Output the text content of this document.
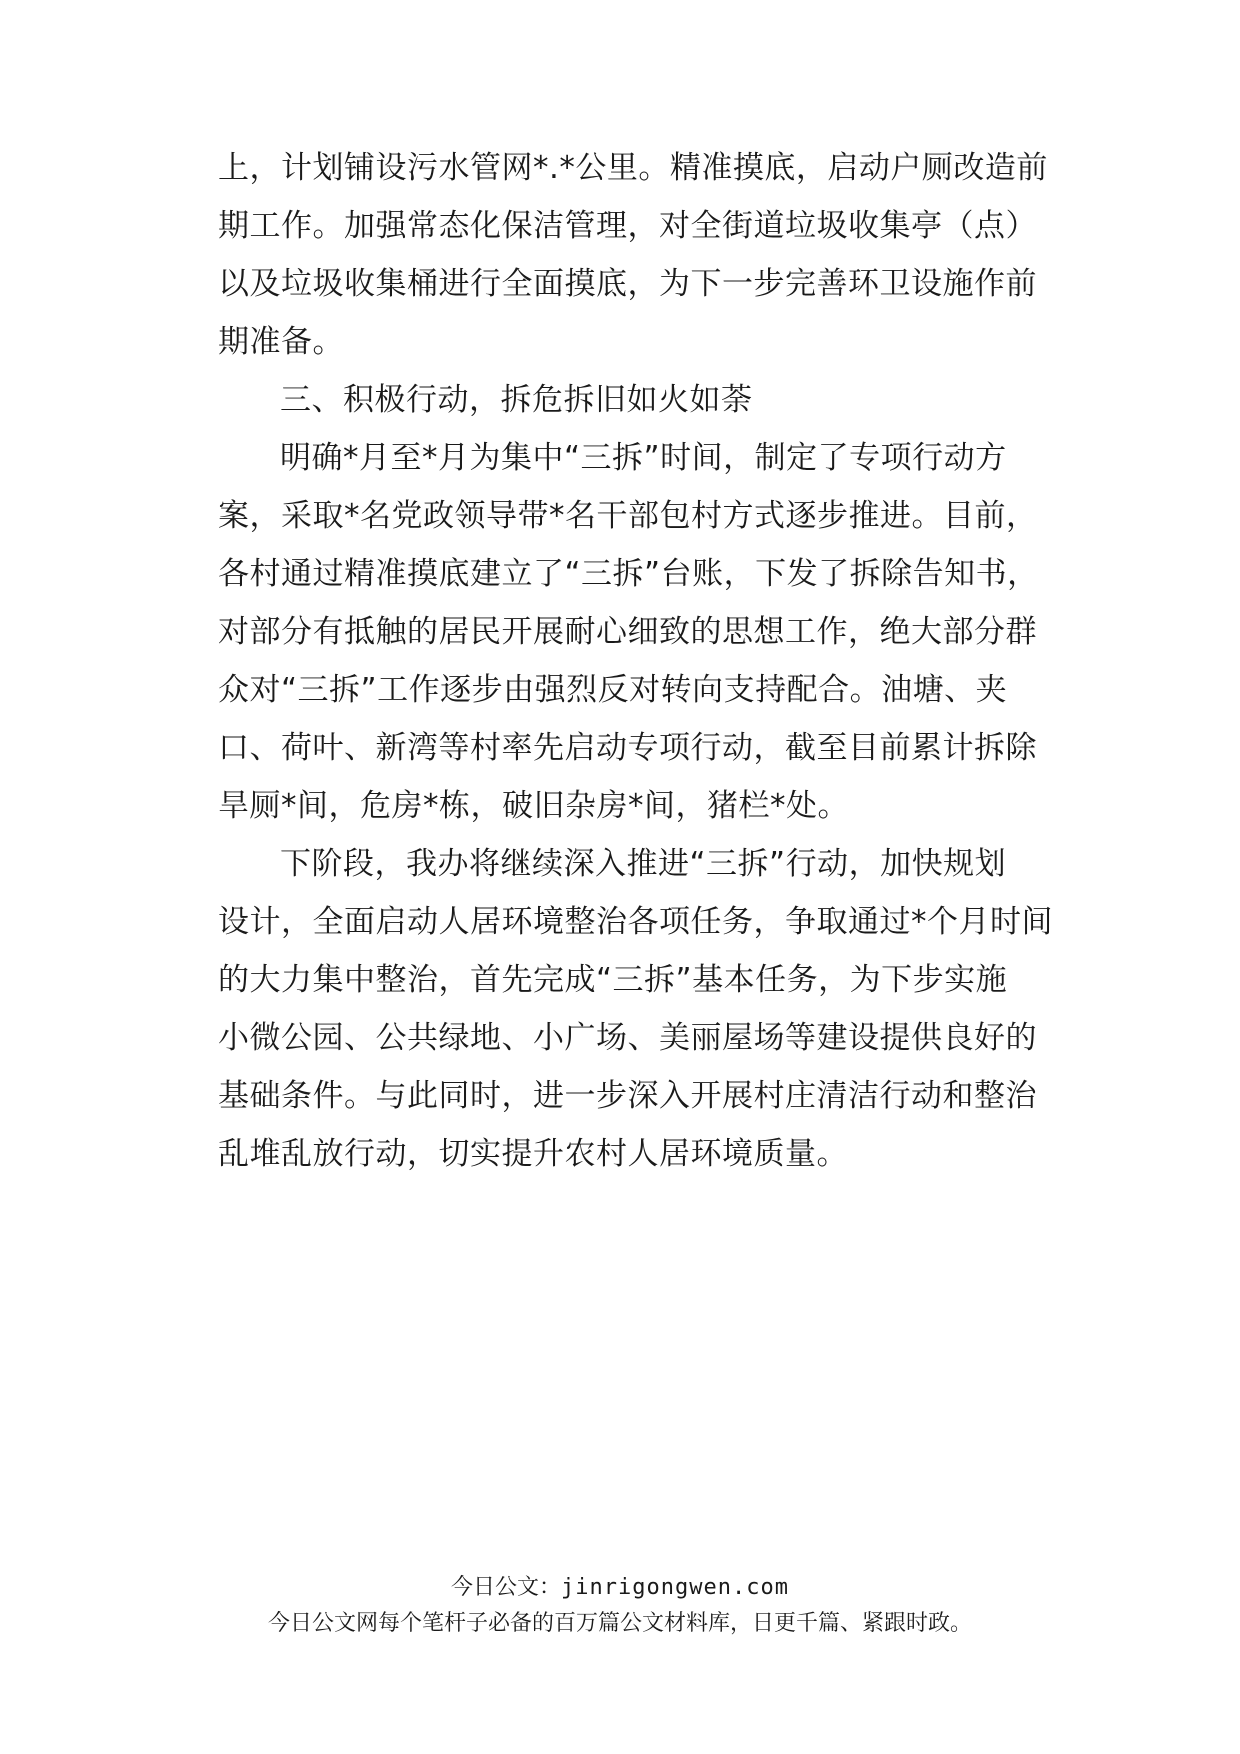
上，计划铺设污水管网*.*公里。精准摸底，启动户厕改造前
期工作。加强常态化保洁管理，对全街道垃圾收集亭（点）
以及垃圾收集桶进行全面摸底，为下一步完善环卫设施作前
期准备。
三、积极行动，拆危拆旧如火如荼
明确*月至*月为集中“三拆”时间，制定了专项行动方
案，采取*名党政领导带*名干部包村方式逐步推进。目前，
各村通过精准摸底建立了“三拆”台账，下发了拆除告知书，
对部分有抵触的居民开展耐心细致的思想工作，绝大部分群
众对“三拆”工作逐步由强烈反对转向支持配合。油塘、夹
口、荷叶、新湾等村率先启动专项行动，截至目前累计拆除
旱厕*间，危房*栋，破旧杂房*间，猪栏*处。
下阶段，我办将继续深入推进“三拆”行动，加快规划
设计，全面启动人居环境整治各项任务，争取通过*个月时间
的大力集中整治，首先完成“三拆”基本任务，为下步实施
小微公园、公共绿地、小广场、美丽屋场等建设提供良好的
基础条件。与此同时，进一步深入开展村庄清洁行动和整治
乱堆乱放行动，切实提升农村人居环境质量。
今日公文：jinrigongwen.com
今日公文网每个笔杆子必备的百万篇公文材料库，日更千篇、紧跟时政。
